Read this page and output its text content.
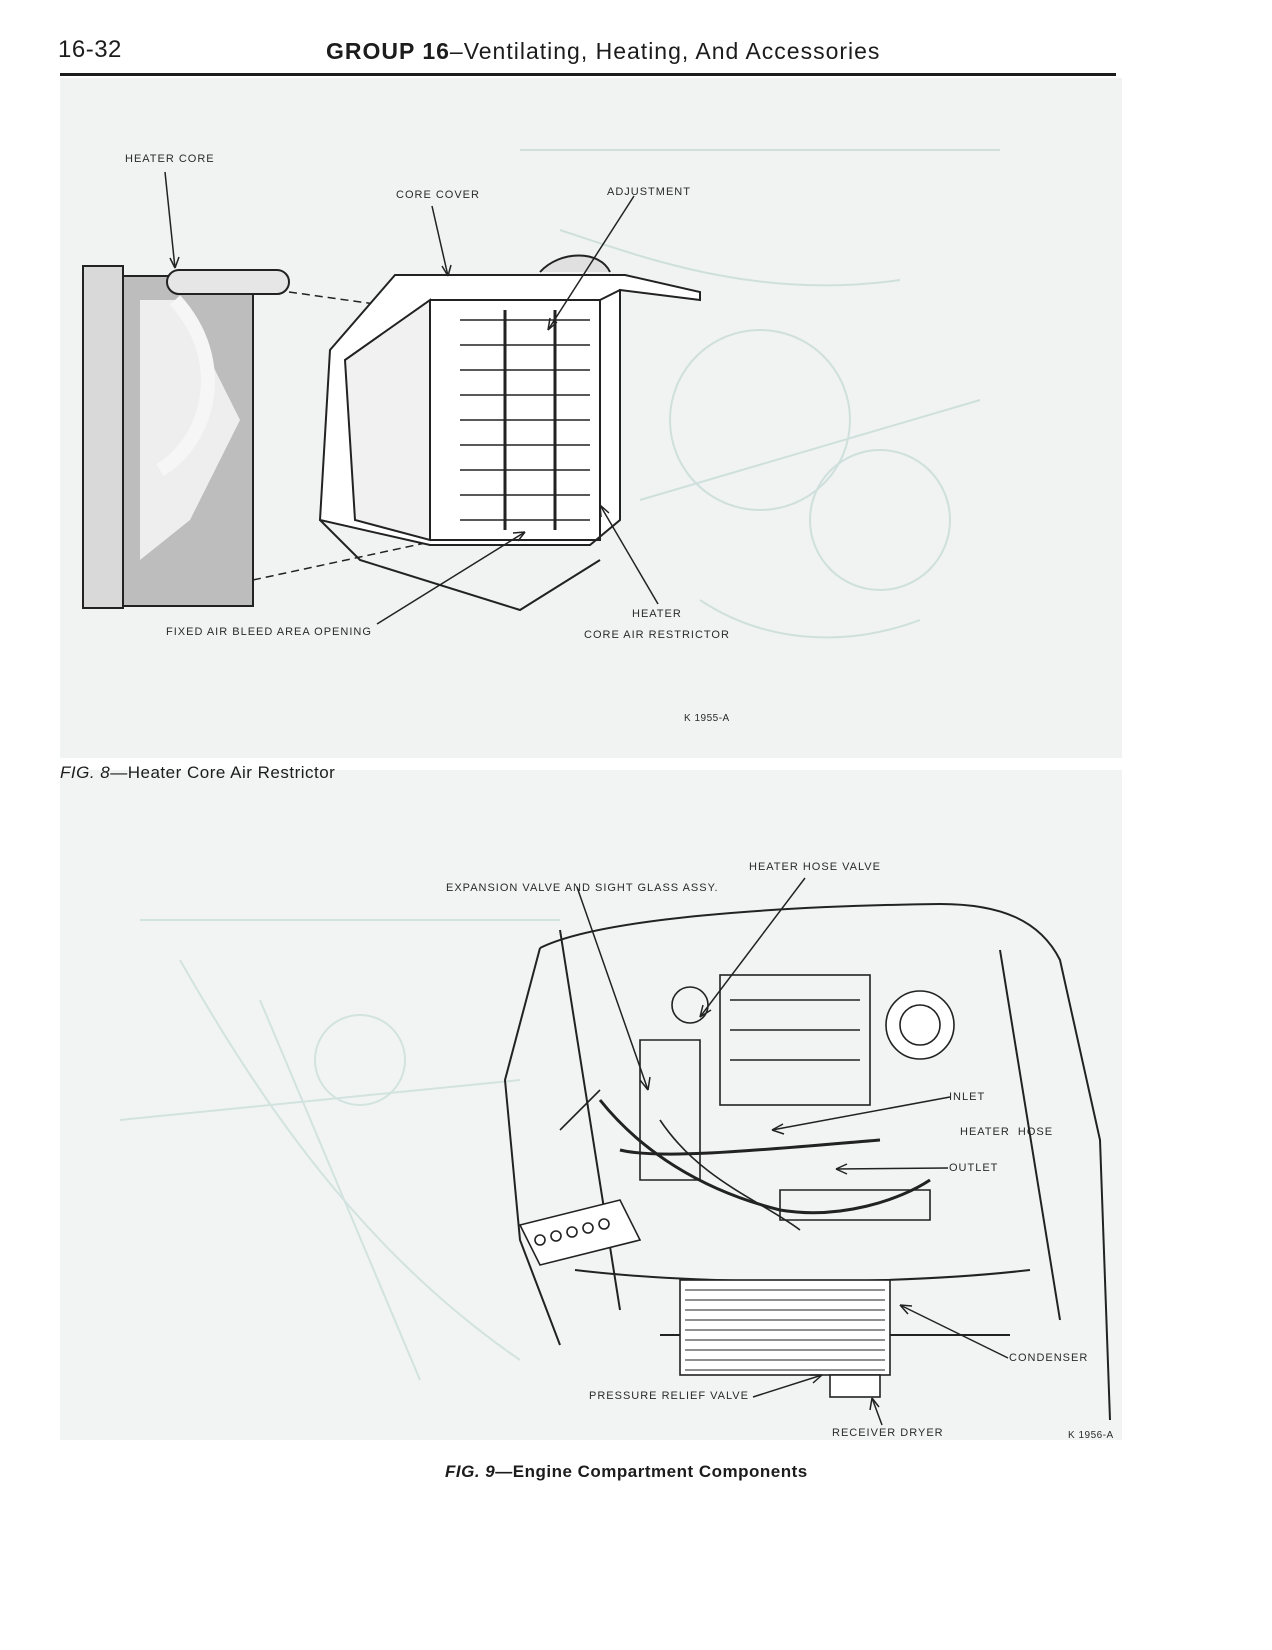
16-32	GROUP 16–Ventilating, Heating, And Accessories
HEATER CORE
CORE COVER	ADJUSTMENT
FIXED AIR BLEED AREA OPENING
HEATER
CORE AIR RESTRICTOR
K 1955-A
FIG. 8—Heater Core Air Restrictor
EXPANSION VALVE AND SIGHT GLASS ASSY.
HEATER HOSE VALVE
INLET
HEATER  HOSE
OUTLET
CONDENSER
PRESSURE RELIEF VALVE
RECEIVER DRYER	K 1956-A
FIG. 9—Engine Compartment Components
